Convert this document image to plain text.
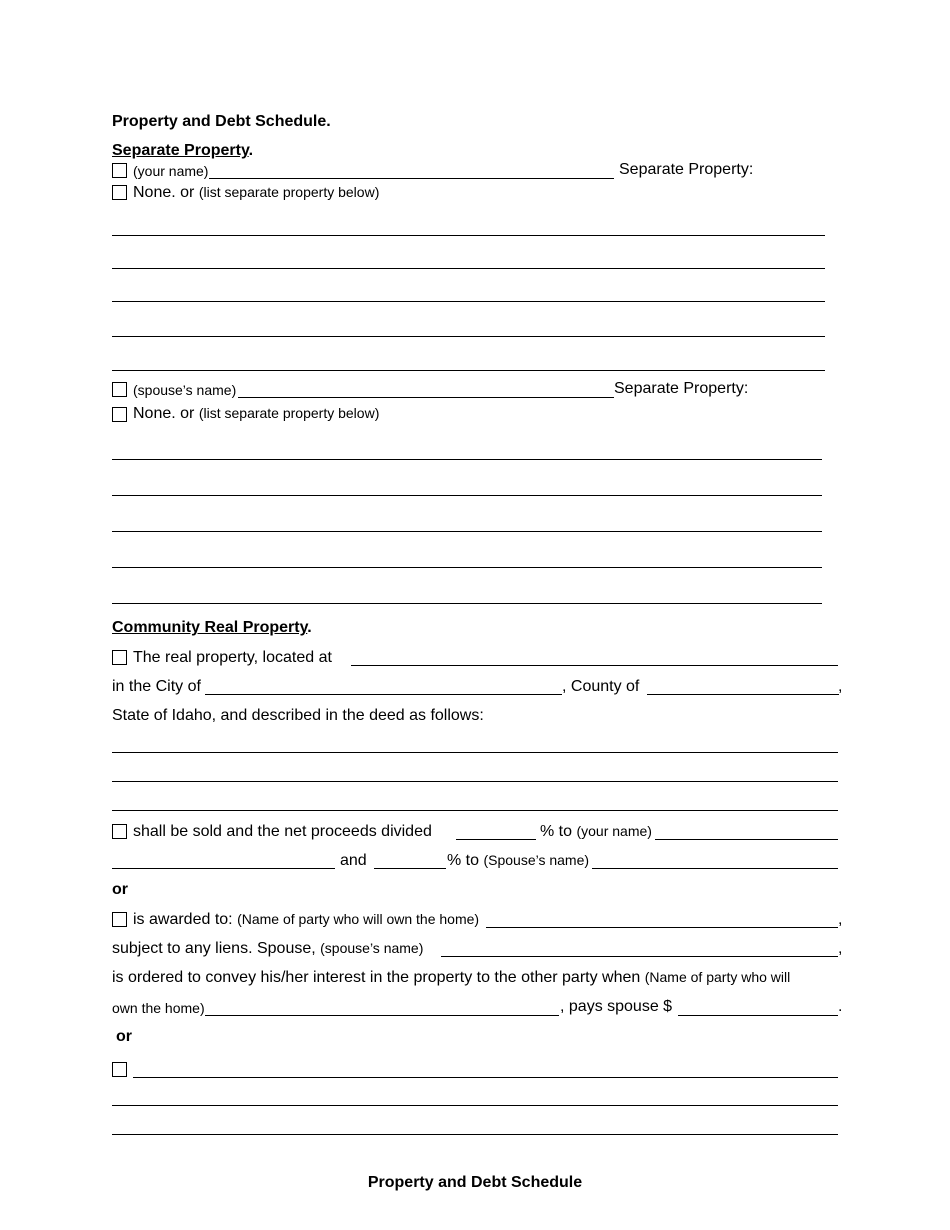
Property and Debt Schedule.
Separate Property.
(your name)	Separate Property:
None. or (list separate property below)
(spouse’s name)	Separate Property:
None. or (list separate property below)
Community Real Property.
The real property, located at
in the City of	, County of	,
State of Idaho, and described in the deed as follows:
shall be sold and the net proceeds divided	% to (your name)
and	% to (Spouse’s name)
or
is awarded to: (Name of party who will own the home)	,
subject to any liens. Spouse, (spouse’s name)	,
is ordered to convey his/her interest in the property to the other party when (Name of party who will
own the home)	, pays spouse $	.
or
Property and Debt Schedule
